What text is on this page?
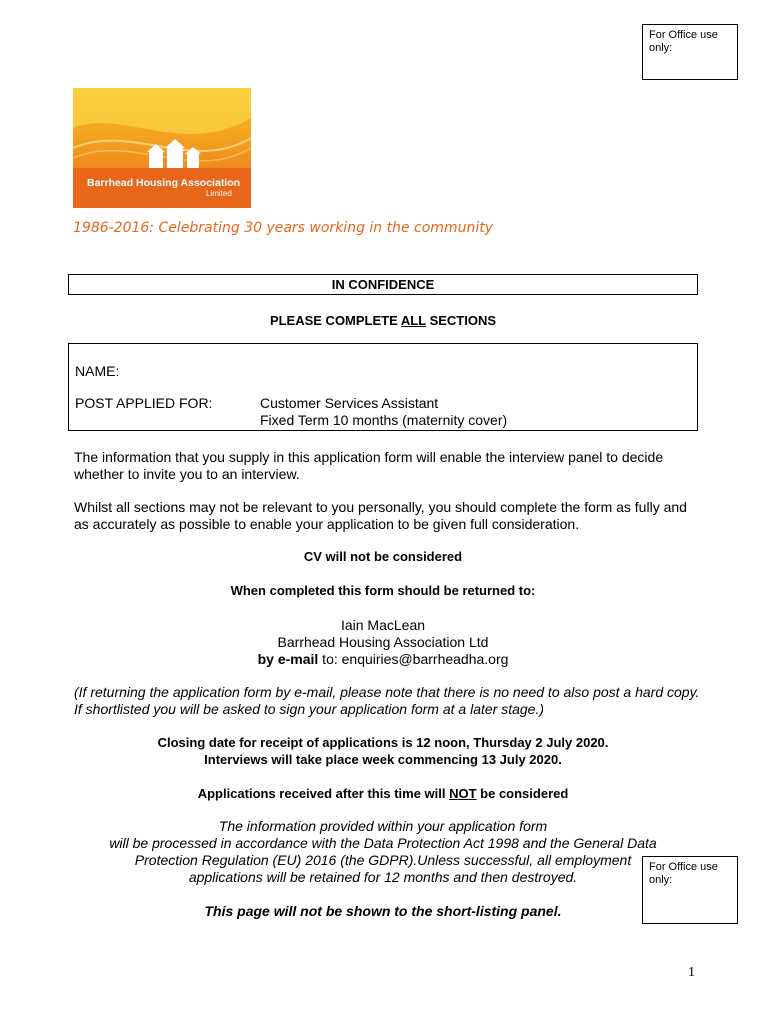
For Office use only:
Barrhead Housing Association
Limited
1986-2016: Celebrating 30 years working in the community
IN CONFIDENCE
PLEASE COMPLETE ALL SECTIONS
NAME:
POST APPLIED FOR:	Customer Services Assistant
Fixed Term 10 months (maternity cover)
The information that you supply in this application form will enable the interview panel to decide whether to invite you to an interview.
Whilst all sections may not be relevant to you personally, you should complete the form as fully and as accurately as possible to enable your application to be given full consideration.
CV will not be considered
When completed this form should be returned to:
Iain MacLean
Barrhead Housing Association Ltd
by e-mail to: enquiries@barrheadha.org
(If returning the application form by e-mail, please note that there is no need to also post a hard copy. If shortlisted you will be asked to sign your application form at a later stage.)
Closing date for receipt of applications is 12 noon, Thursday 2 July 2020.
Interviews will take place week commencing 13 July 2020.
Applications received after this time will NOT be considered
The information provided within your application form
will be processed in accordance with the Data Protection Act 1998 and the General Data
Protection Regulation (EU) 2016 (the GDPR).Unless successful, all employment
applications will be retained for 12 months and then destroyed.
For Office use only:
This page will not be shown to the short-listing panel.
1
